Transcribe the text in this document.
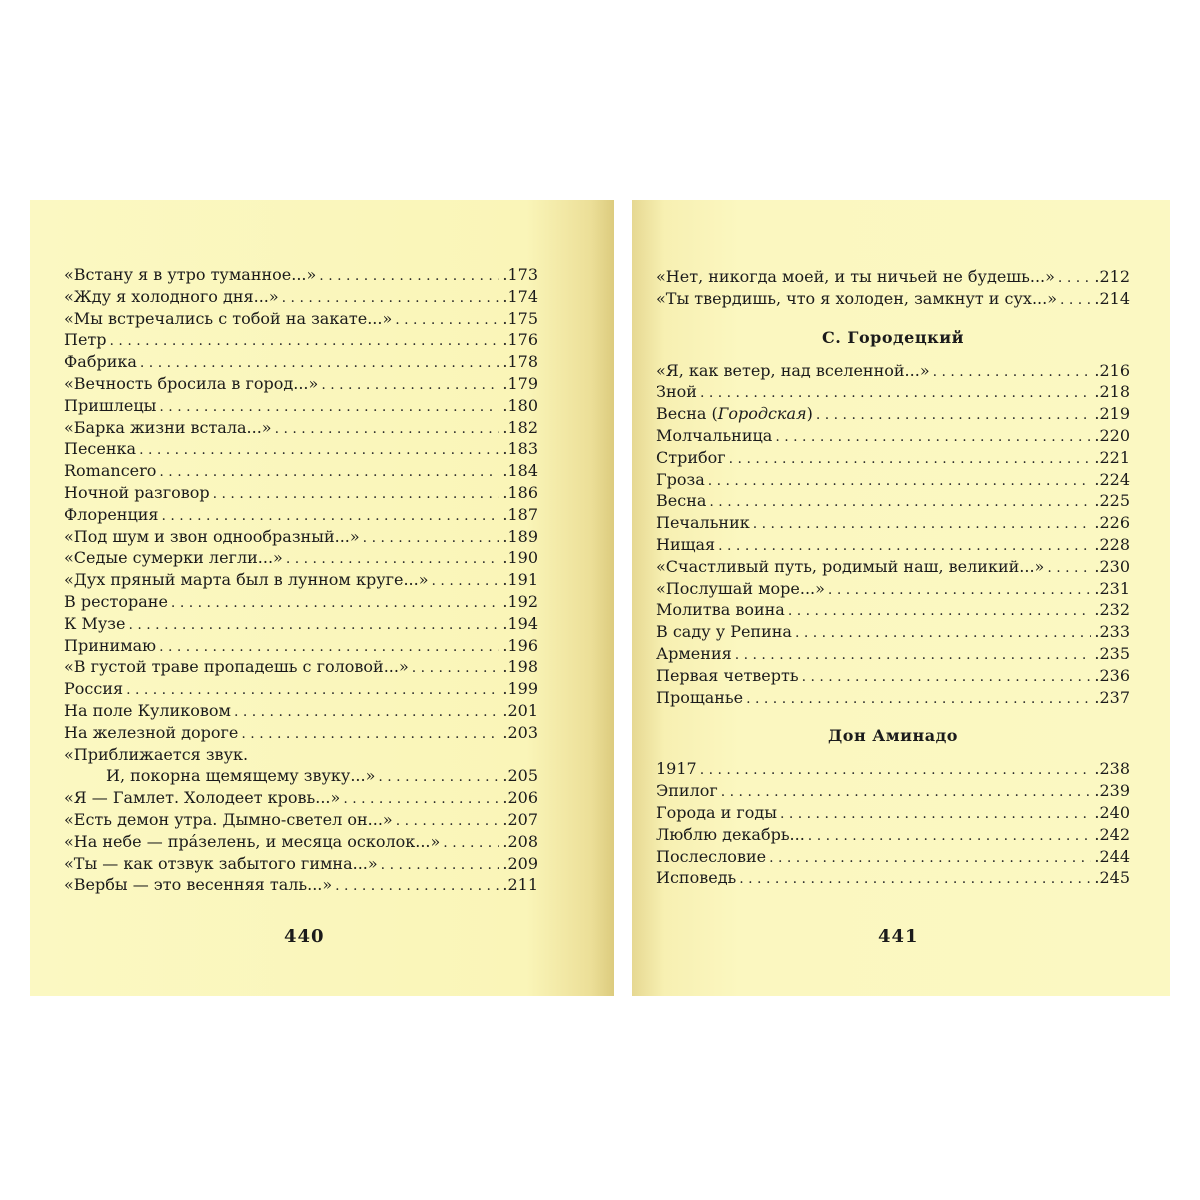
«Встану я в утро туманное...» . . .	.173
«Жду я холодного дня...» . . .	.174
«Мы встречались с тобой на закате...» . . .	.175
Петр . . .	.176
Фабрика . . .	.178
«Вечность бросила в город...» . . .	.179
Пришлецы . . .	.180
«Барка жизни встала...» . . .	.182
Песенка . . .	.183
Romancero . . .	.184
Ночной разговор . . .	.186
Флоренция . . .	.187
«Под шум и звон однообразный...» . . .	.189
«Седые сумерки легли...» . . .	.190
«Дух пряный марта был в лунном круге...» . . .	.191
В ресторане . . .	.192
К Музе . . .	.194
Принимаю . . .	.196
«В густой траве пропадешь с головой...» . . .	.198
Россия . . .	.199
На поле Куликовом . . .	.201
На железной дороге . . .	.203
«Приближается звук.
И, покорна щемящему звуку...» . . .	.205
«Я — Гамлет. Холодеет кровь...» . . .	.206
«Есть демон утра. Дымно-светел он...» . . .	.207
«На небе — прáзелень, и месяца осколок...» . . .	.208
«Ты — как отзвук забытого гимна...» . . .	.209
«Вербы — это весенняя таль...» . . .	.211
440
«Нет, никогда моей, и ты ничьей не будешь...» . . . .212
«Ты твердишь, что я холоден, замкнут и сух...» . . . .214
С. Городецкий
«Я, как ветер, над вселенной...» . . .	.216
Зной . . .	.218
Весна (Городская) . . .	.219
Молчальница . . .	.220
Стрибог . . .	.221
Гроза . . .	.224
Весна . . .	.225
Печальник . . .	.226
Нищая . . .	.228
«Счастливый путь, родимый наш, великий...» . . .	.230
«Послушай море...» . . .	.231
Молитва воина . . .	.232
В саду у Репина . . .	.233
Армения . . .	.235
Первая четверть . . .	.236
Прощанье . . .	.237
Дон Аминадо
1917 . . .	.238
Эпилог . . .	.239
Города и годы . . .	.240
Люблю декабрь... . . .	.242
Послесловие . . .	.244
Исповедь . . .	.245
441
